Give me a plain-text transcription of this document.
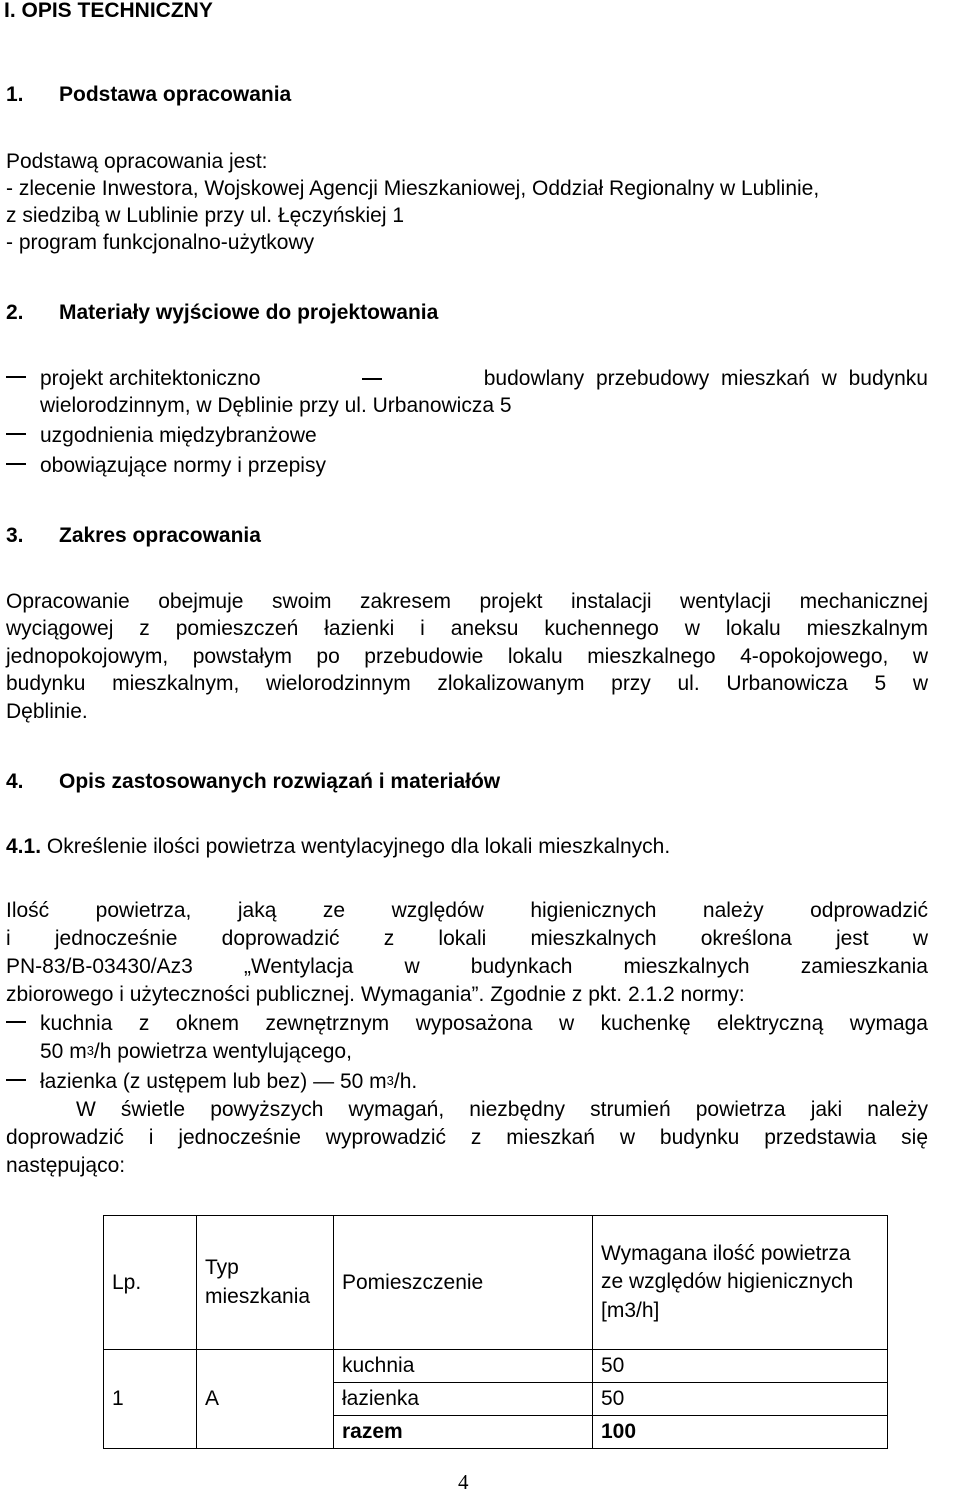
I. OPIS TECHNICZNY
1. Podstawa opracowania
Podstawą opracowania jest:
- zlecenie Inwestora, Wojskowej Agencji Mieszkaniowej, Oddział Regionalny w Lublinie,
z siedzibą w Lublinie przy ul. Łęczyńskiej 1
- program funkcjonalno-użytkowy
2. Materiały wyjściowe do projektowania
projekt architektoniczno	budowlany przebudowy mieszkań w budynku
wielorodzinnym, w Dęblinie przy ul. Urbanowicza 5
uzgodnienia międzybranżowe
obowiązujące normy i przepisy
3. Zakres opracowania
Opracowanie obejmuje swoim zakresem projekt instalacji wentylacji mechanicznej
wyciągowej z pomieszczeń łazienki i aneksu kuchennego w lokalu mieszkalnym
jednopokojowym, powstałym po przebudowie lokalu mieszkalnego 4-opokojowego, w
budynku mieszkalnym, wielorodzinnym zlokalizowanym przy ul. Urbanowicza 5 w
Dęblinie.
4. Opis zastosowanych rozwiązań i materiałów
4.1. Określenie ilości powietrza wentylacyjnego dla lokali mieszkalnych.
Ilość powietrza, jaką ze względów higienicznych należy odprowadzić
i jednocześnie doprowadzić z lokali mieszkalnych określona jest w
PN-83/B-03430/Az3 „Wentylacja w budynkach mieszkalnych zamieszkania
zbiorowego i użyteczności publicznej. Wymagania”. Zgodnie z pkt. 2.1.2 normy:
kuchnia z oknem zewnętrznym wyposażona w kuchenkę elektryczną wymaga
50 $m^3/h$ powietrza wentylującego,
łazienka (z ustępem lub bez) — 50 $m^3/h$.
W świetle powyższych wymagań, niezbędny strumień powietrza jaki należy
doprowadzić i jednocześnie wyprowadzić z mieszkań w budynku przedstawia się
następująco:
Lp.	Typ mieszkania	Pomieszczenie	Wymagana ilość powietrza ze względów higienicznych [m3/h]
1	A	kuchnia	50
		łazienka	50
		razem	100
4
